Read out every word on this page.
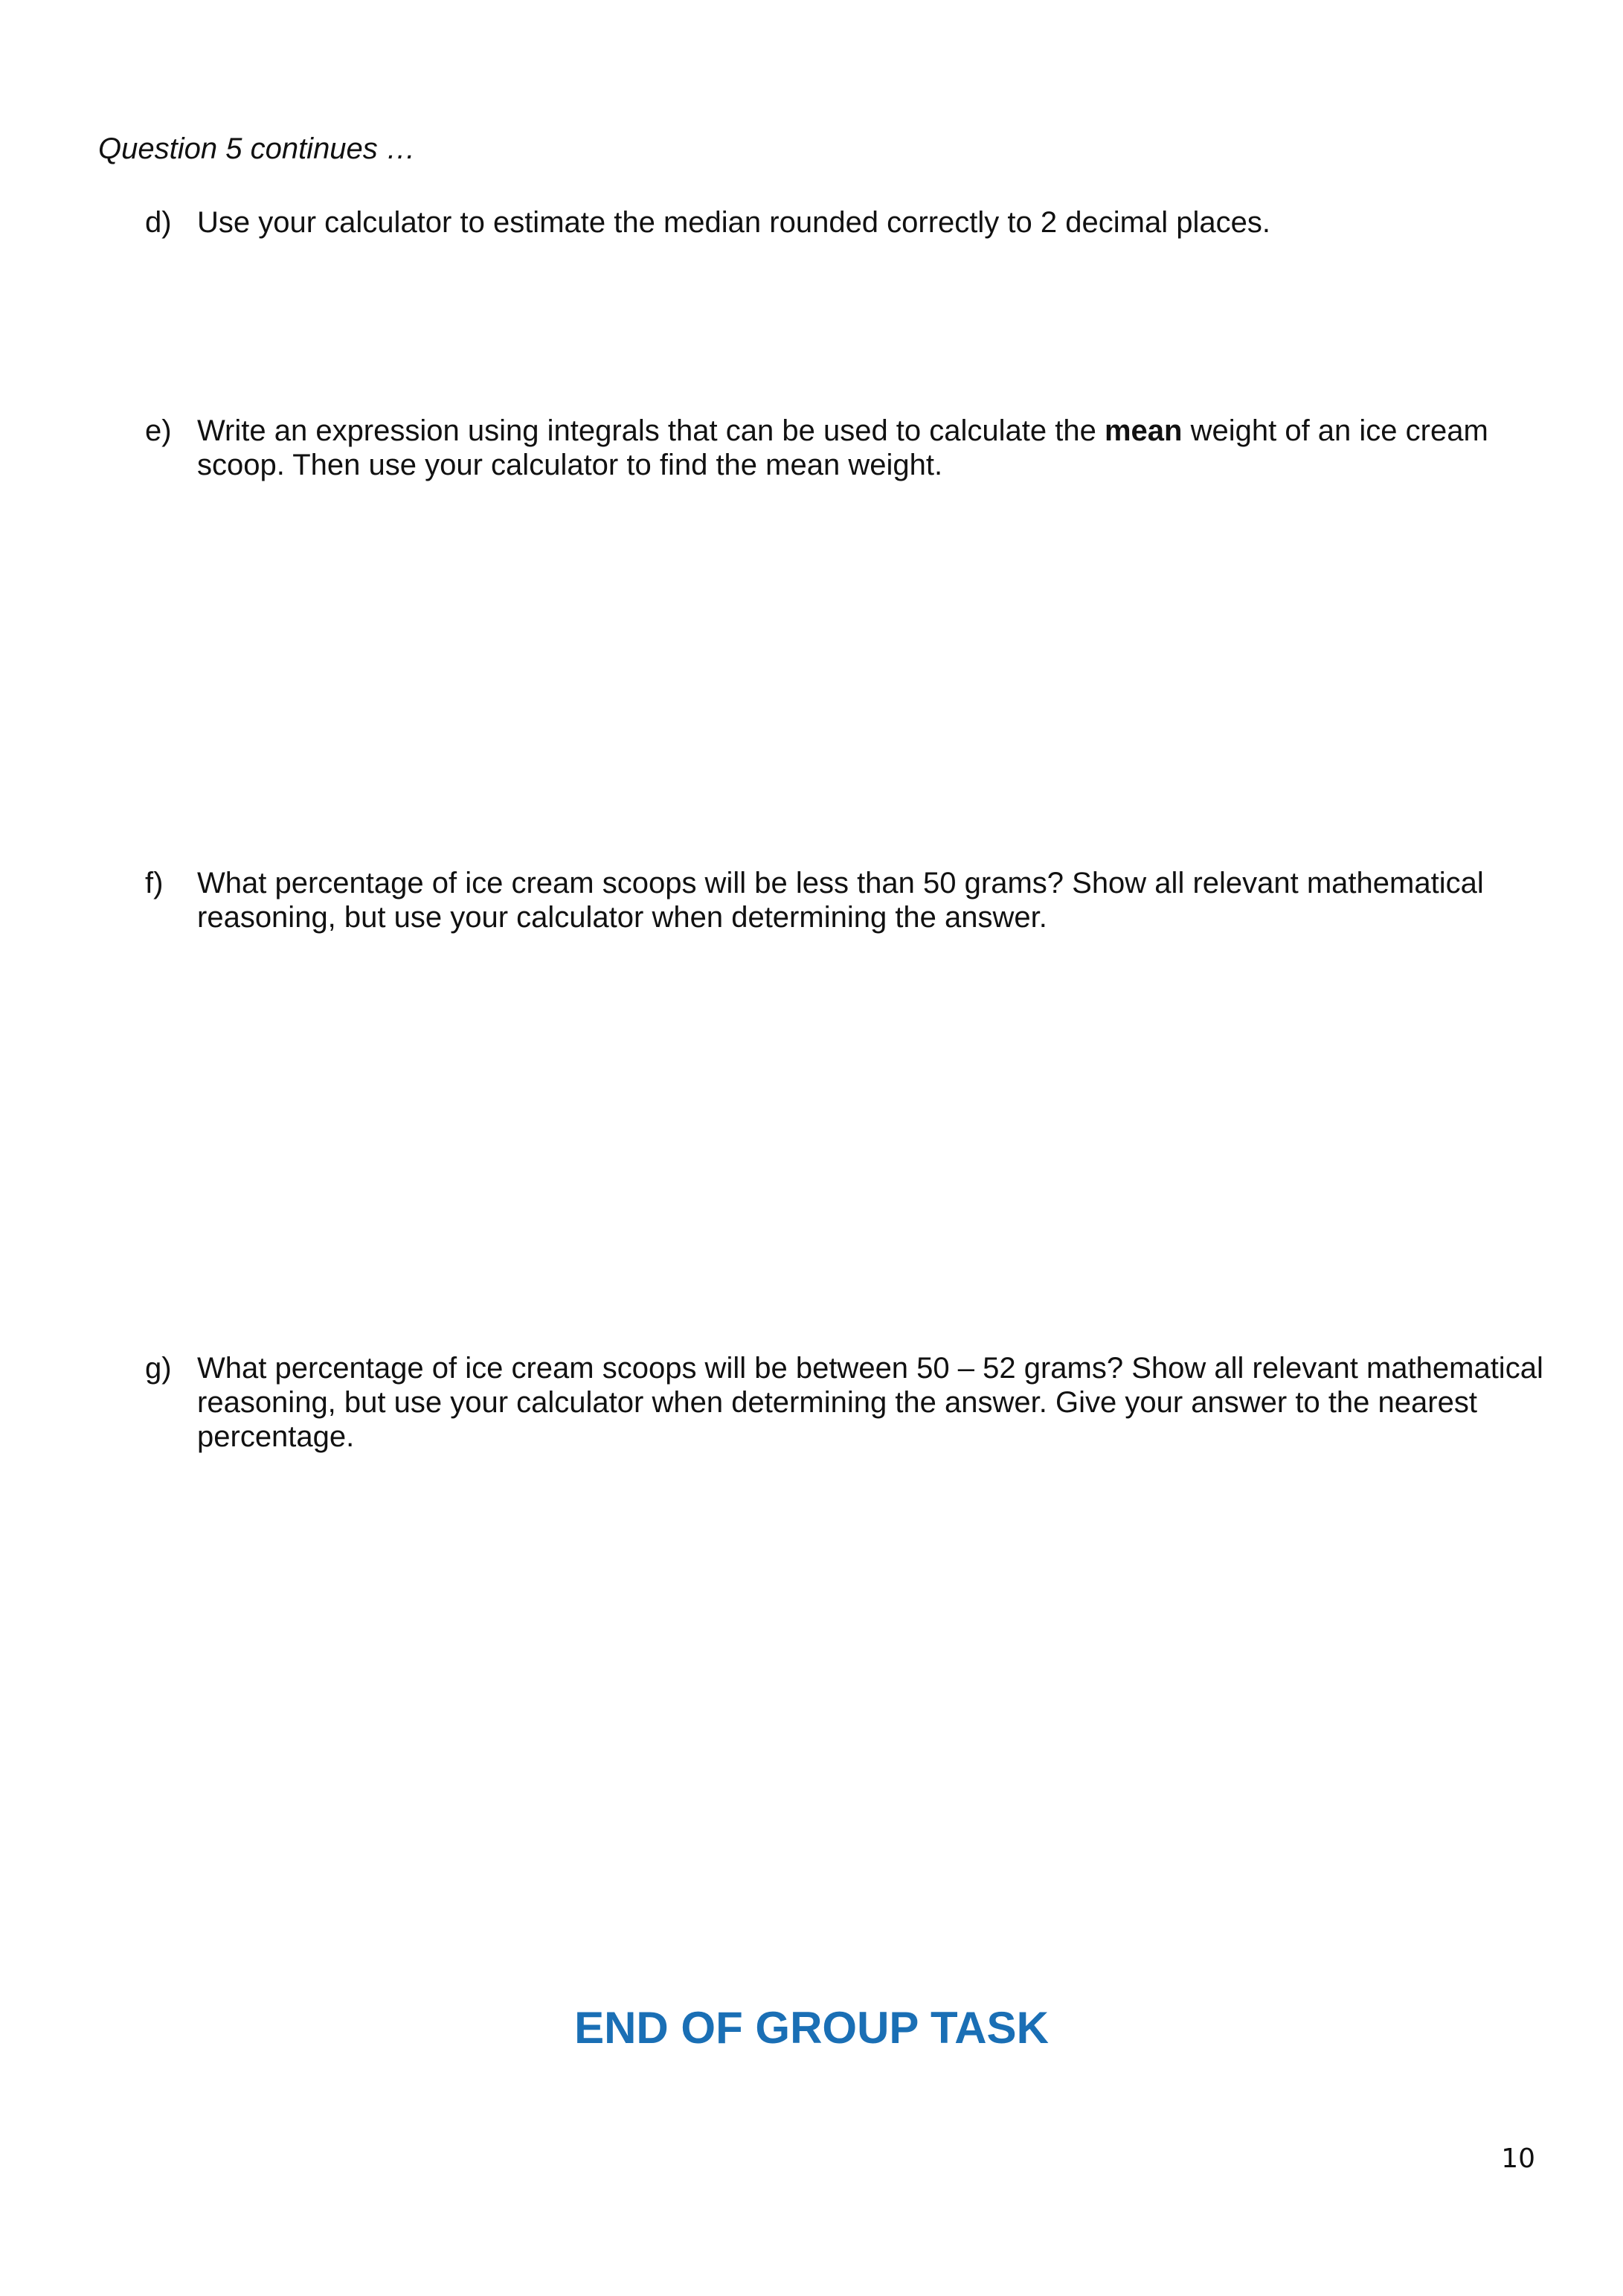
Question 5 continues …
d) Use your calculator to estimate the median rounded correctly to 2 decimal places.
e) Write an expression using integrals that can be used to calculate the mean weight of an ice cream scoop. Then use your calculator to find the mean weight.
f) What percentage of ice cream scoops will be less than 50 grams? Show all relevant mathematical reasoning, but use your calculator when determining the answer.
g) What percentage of ice cream scoops will be between 50 – 52 grams? Show all relevant mathematical reasoning, but use your calculator when determining the answer. Give your answer to the nearest percentage.
END OF GROUP TASK
10
